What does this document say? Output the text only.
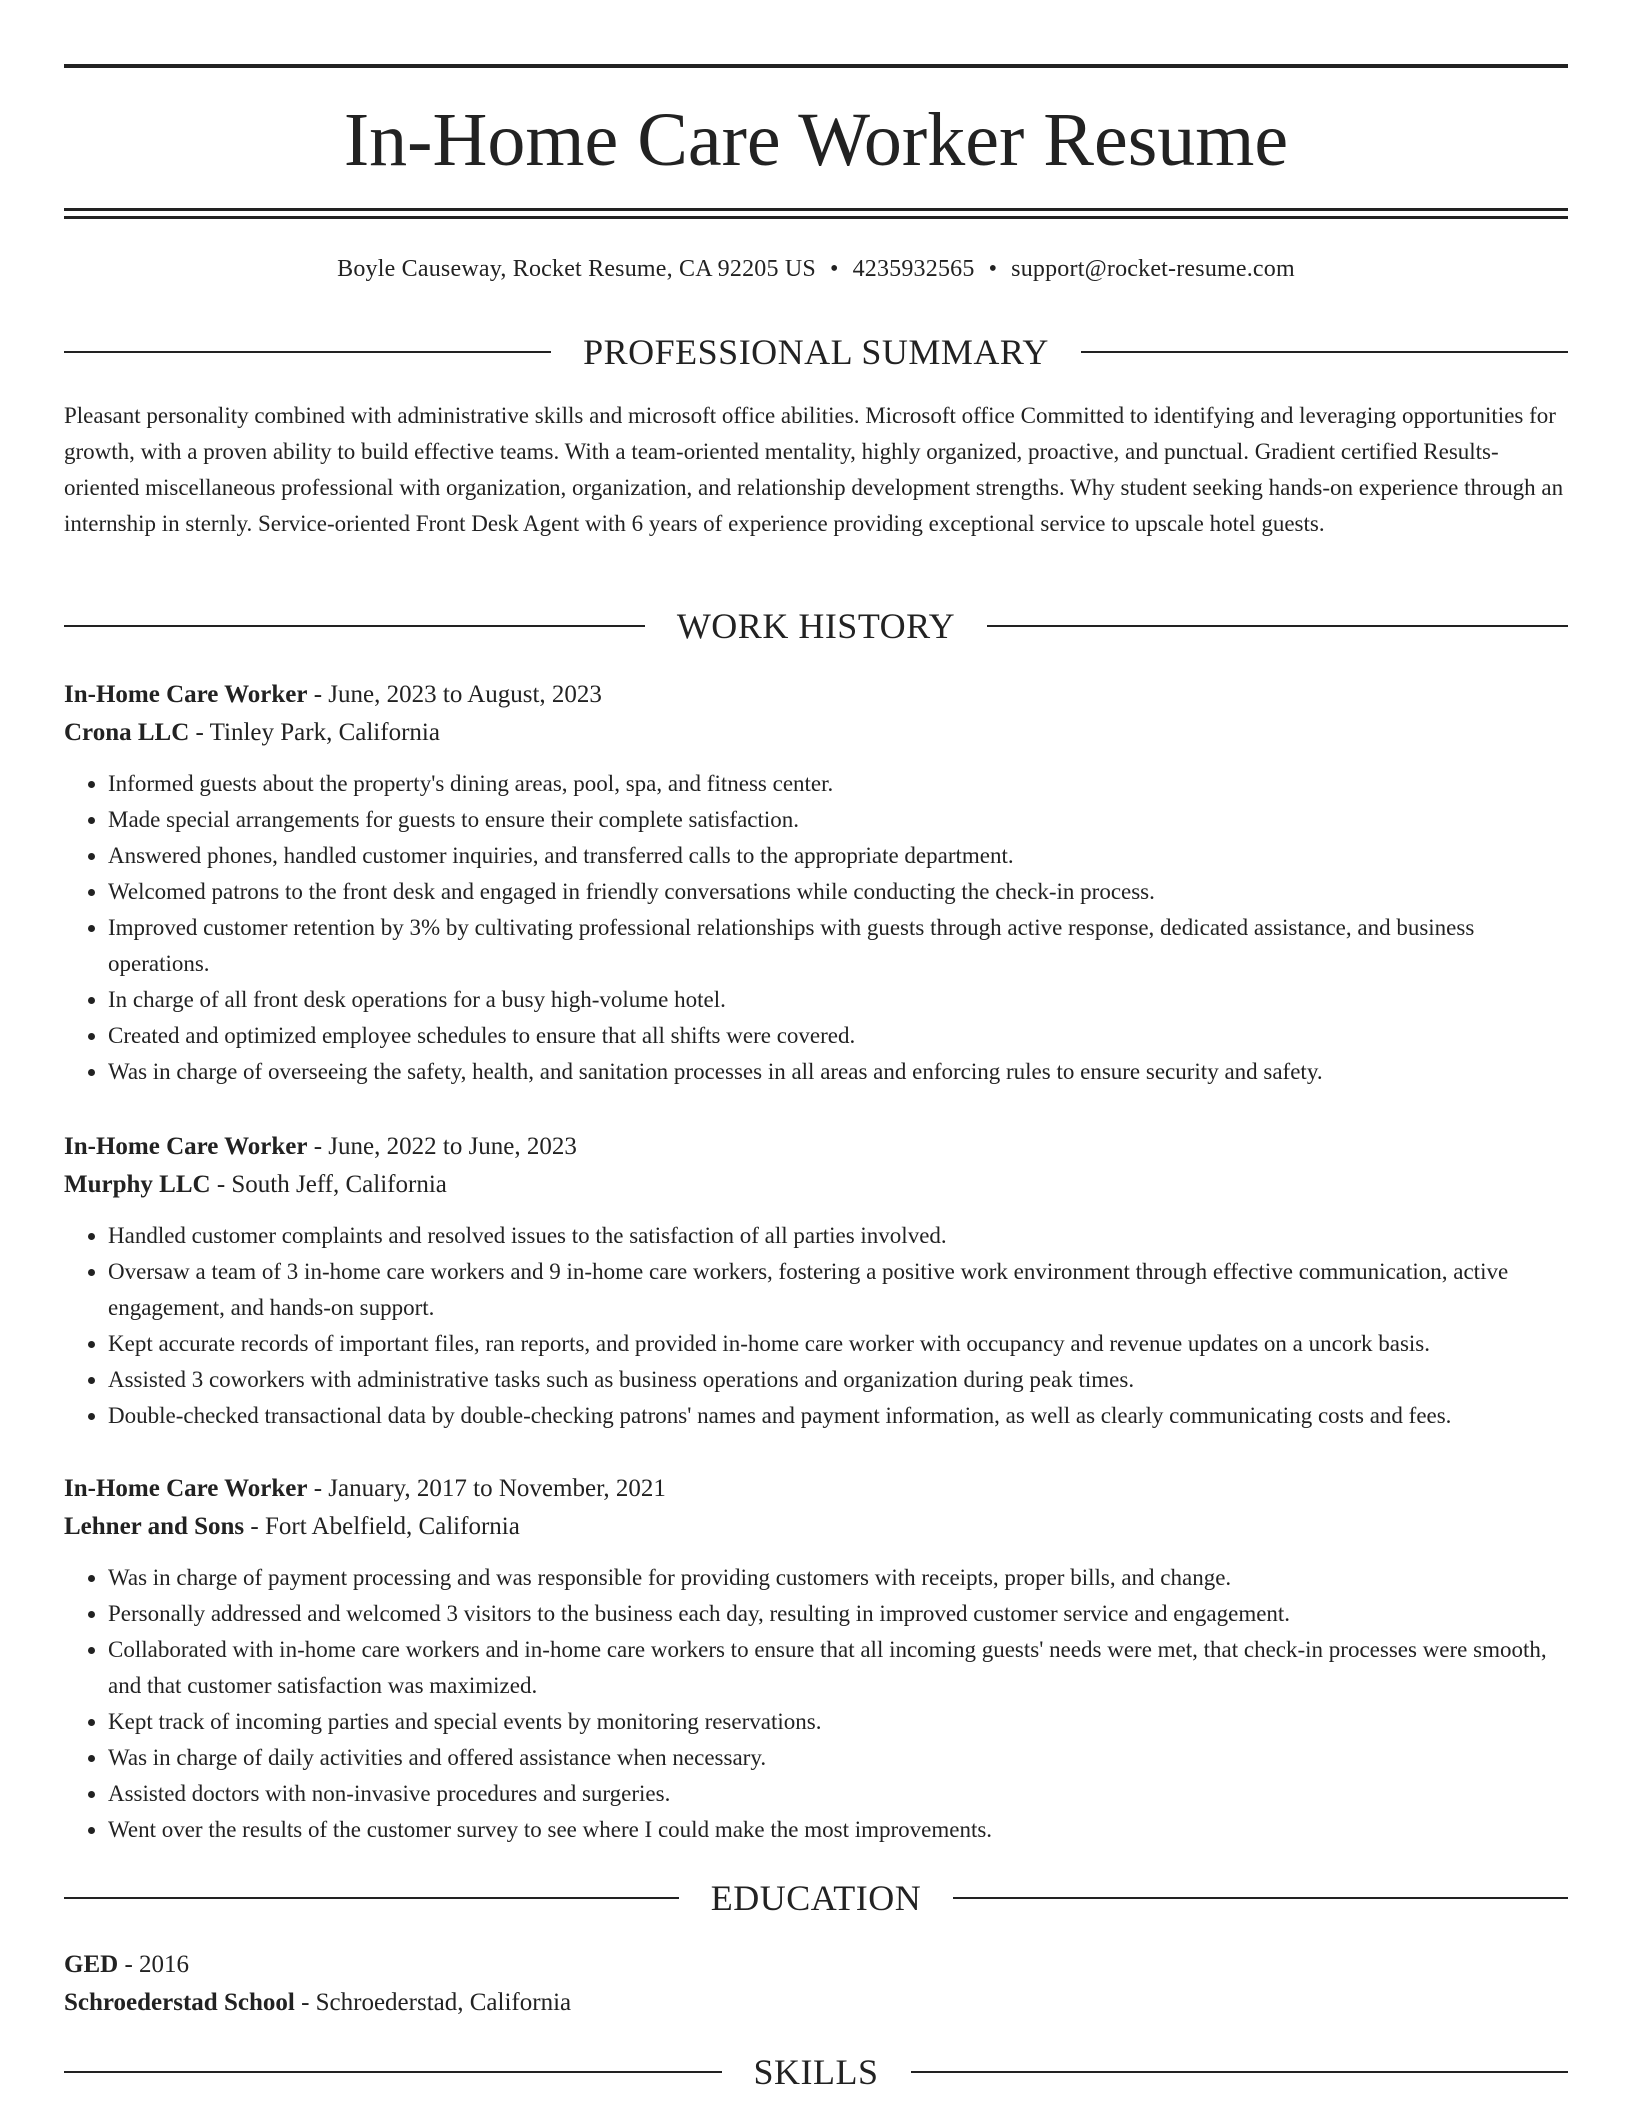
In-Home Care Worker Resume
Boyle Causeway, Rocket Resume, CA 92205 US • 4235932565 • support@rocket-resume.com
PROFESSIONAL SUMMARY

Pleasant personality combined with administrative skills and microsoft office abilities. Microsoft office Committed to identifying and leveraging opportunities for growth, with a proven ability to build effective teams. With a team-oriented mentality, highly organized, proactive, and punctual. Gradient certified Results-oriented miscellaneous professional with organization, organization, and relationship development strengths. Why student seeking hands-on experience through an internship in sternly. Service-oriented Front Desk Agent with 6 years of experience providing exceptional service to upscale hotel guests.

WORK HISTORY

In-Home Care Worker - June, 2023 to August, 2023

Crona LLC - Tinley Park, California

• Informed guests about the property's dining areas, pool, spa, and fitness center.
• Made special arrangements for guests to ensure their complete satisfaction.
• Answered phones, handled customer inquiries, and transferred calls to the appropriate department.
• Welcomed patrons to the front desk and engaged in friendly conversations while conducting the check-in process.
• Improved customer retention by 3% by cultivating professional relationships with guests through active response, dedicated assistance, and business operations.
• In charge of all front desk operations for a busy high-volume hotel.
• Created and optimized employee schedules to ensure that all shifts were covered.
• Was in charge of overseeing the safety, health, and sanitation processes in all areas and enforcing rules to ensure security and safety.

In-Home Care Worker - June, 2022 to June, 2023

Murphy LLC - South Jeff, California

• Handled customer complaints and resolved issues to the satisfaction of all parties involved.
• Oversaw a team of 3 in-home care workers and 9 in-home care workers, fostering a positive work environment through effective communication, active engagement, and hands-on support.
• Kept accurate records of important files, ran reports, and provided in-home care worker with occupancy and revenue updates on a uncork basis.
• Assisted 3 coworkers with administrative tasks such as business operations and organization during peak times.
• Double-checked transactional data by double-checking patrons' names and payment information, as well as clearly communicating costs and fees.

In-Home Care Worker - January, 2017 to November, 2021

Lehner and Sons - Fort Abelfield, California

• Was in charge of payment processing and was responsible for providing customers with receipts, proper bills, and change.
• Personally addressed and welcomed 3 visitors to the business each day, resulting in improved customer service and engagement.
• Collaborated with in-home care workers and in-home care workers to ensure that all incoming guests' needs were met, that check-in processes were smooth, and that customer satisfaction was maximized.
• Kept track of incoming parties and special events by monitoring reservations.
• Was in charge of daily activities and offered assistance when necessary.
• Assisted doctors with non-invasive procedures and surgeries.
• Went over the results of the customer survey to see where I could make the most improvements.
EDUCATION

GED - 2016

Schroederstad School - Schroederstad, California

SKILLS
